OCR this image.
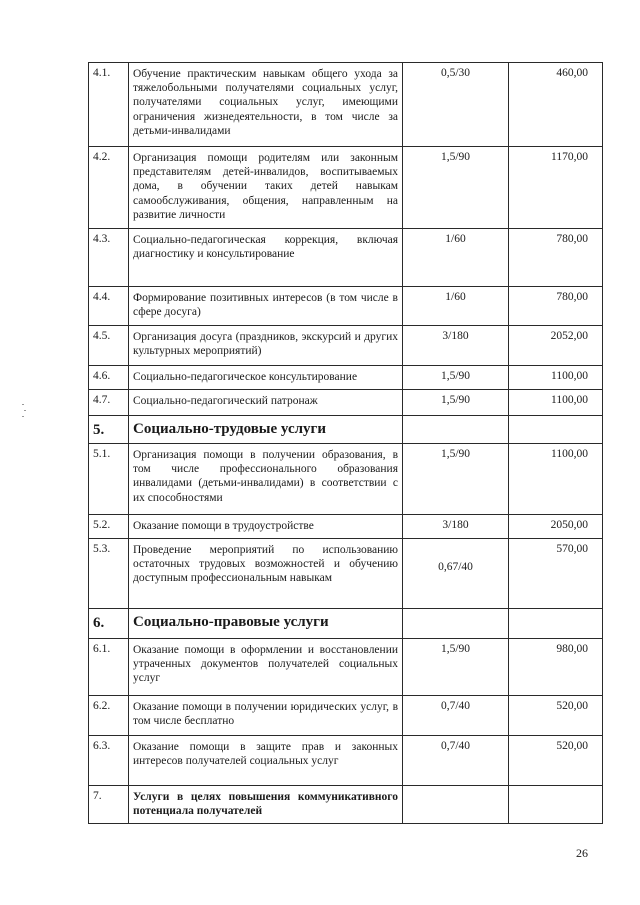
4.1.	Обучение практическим навыкам общего ухода за тяжелобольными получателями социальных услуг, получателями социальных услуг, имеющими ограничения жизнедеятельности, в том числе за детьми-инвалидами	0,5/30	460,00
4.2.	Организация помощи родителям или законным представителям детей-инвалидов, воспитываемых дома, в обучении таких детей навыкам самообслуживания, общения, направленным на развитие личности	1,5/90	1170,00
4.3.	Социально-педагогическая коррекция, включая диагностику и консультирование	1/60	780,00
4.4.	Формирование позитивных интересов (в том числе в сфере досуга)	1/60	780,00
4.5.	Организация досуга (праздников, экскурсий и других культурных мероприятий)	3/180	2052,00
4.6.	Социально-педагогическое консультирование	1,5/90	1100,00
4.7.	Социально-педагогический патронаж	1,5/90	1100,00
5.	Социально-трудовые услуги		
5.1.	Организация помощи в получении образования, в том числе профессионального образования инвалидами (детьми-инвалидами) в соответствии с их способностями	1,5/90	1100,00
5.2.	Оказание помощи в трудоустройстве	3/180	2050,00
5.3.	Проведение мероприятий по использованию остаточных трудовых возможностей и обучению доступным профессиональным навыкам	0,67/40	570,00
6.	Социально-правовые услуги		
6.1.	Оказание помощи в оформлении и восстановлении утраченных документов получателей социальных услуг	1,5/90	980,00
6.2.	Оказание помощи в получении юридических услуг, в том числе бесплатно	0,7/40	520,00
6.3.	Оказание помощи в защите прав и законных интересов получателей социальных услуг	0,7/40	520,00
7.	Услуги в целях повышения коммуникативного потенциала получателей		
26
